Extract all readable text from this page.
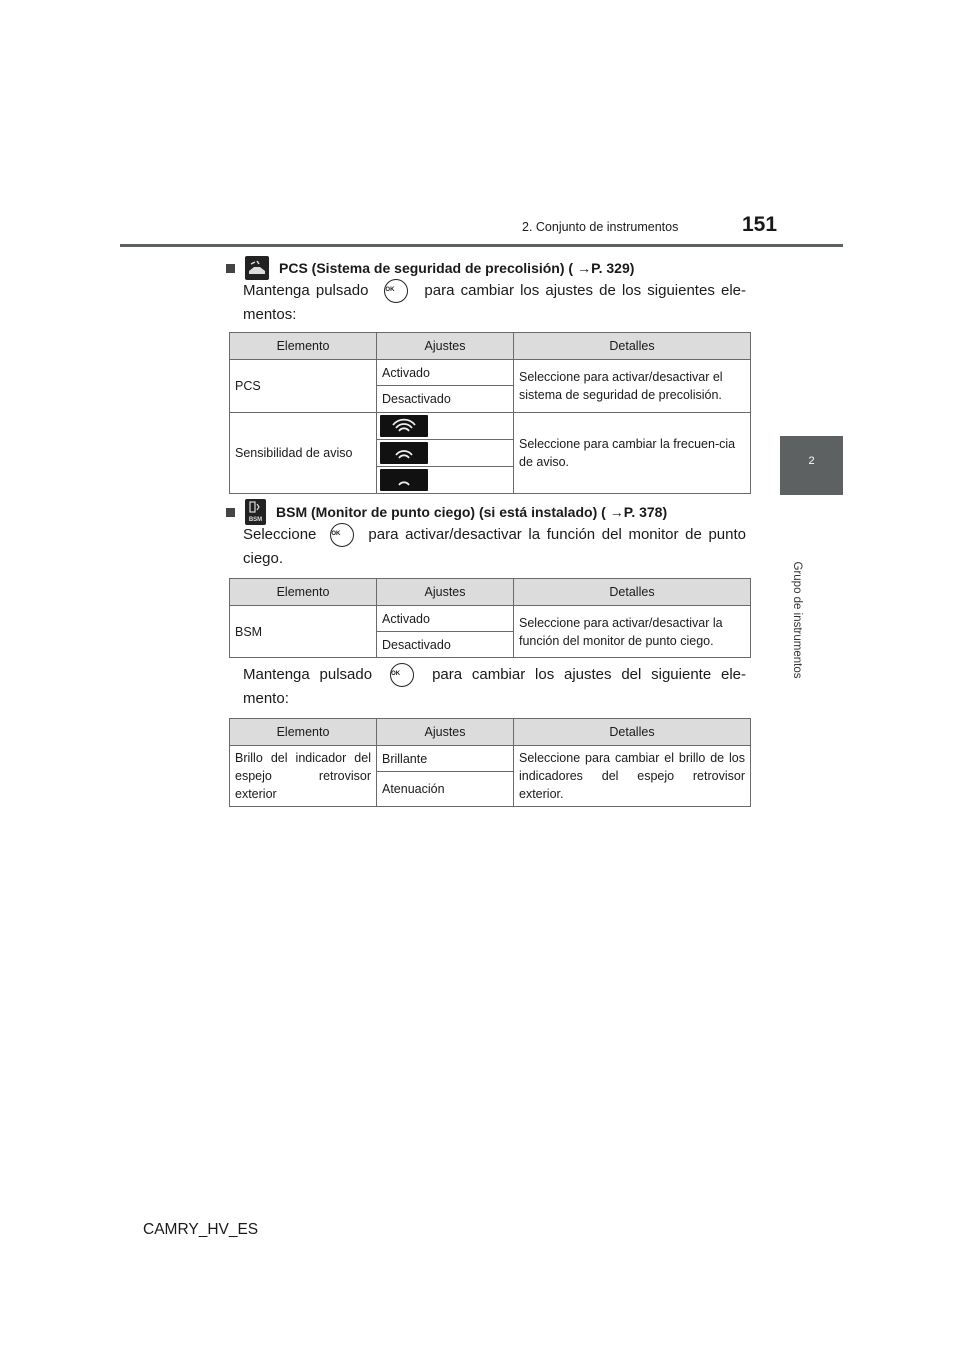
2. Conjunto de instrumentos	151
2
Grupo de instrumentos
PCS (Sistema de seguridad de precolisión) ( →P. 329)
Mantenga pulsado OK	para cambiar los ajustes de los siguientes ele-mentos:
Elemento	Ajustes	Detalles
PCS	Activado	Seleccione para activar/desactivar el sistema de seguridad de precolisión.
	Desactivado	
Sensibilidad de aviso		Seleccione para cambiar la frecuen-cia de aviso.

BSM BSM (Monitor de punto ciego) (si está instalado) ( →P. 378)
Seleccione OK	para activar/desactivar la función del monitor de punto ciego.
Elemento	Ajustes	Detalles
BSM	Activado	Seleccione para activar/desactivar la función del monitor de punto ciego.
	Desactivado	
Mantenga pulsado OK	para cambiar los ajustes del siguiente ele-mento:
Elemento	Ajustes	Detalles
Brillo del indicador del espejo retrovisor exterior	Brillante	Seleccione para cambiar el brillo de los indicadores del espejo retrovisor exterior.
	Atenuación	
CAMRY_HV_ES
